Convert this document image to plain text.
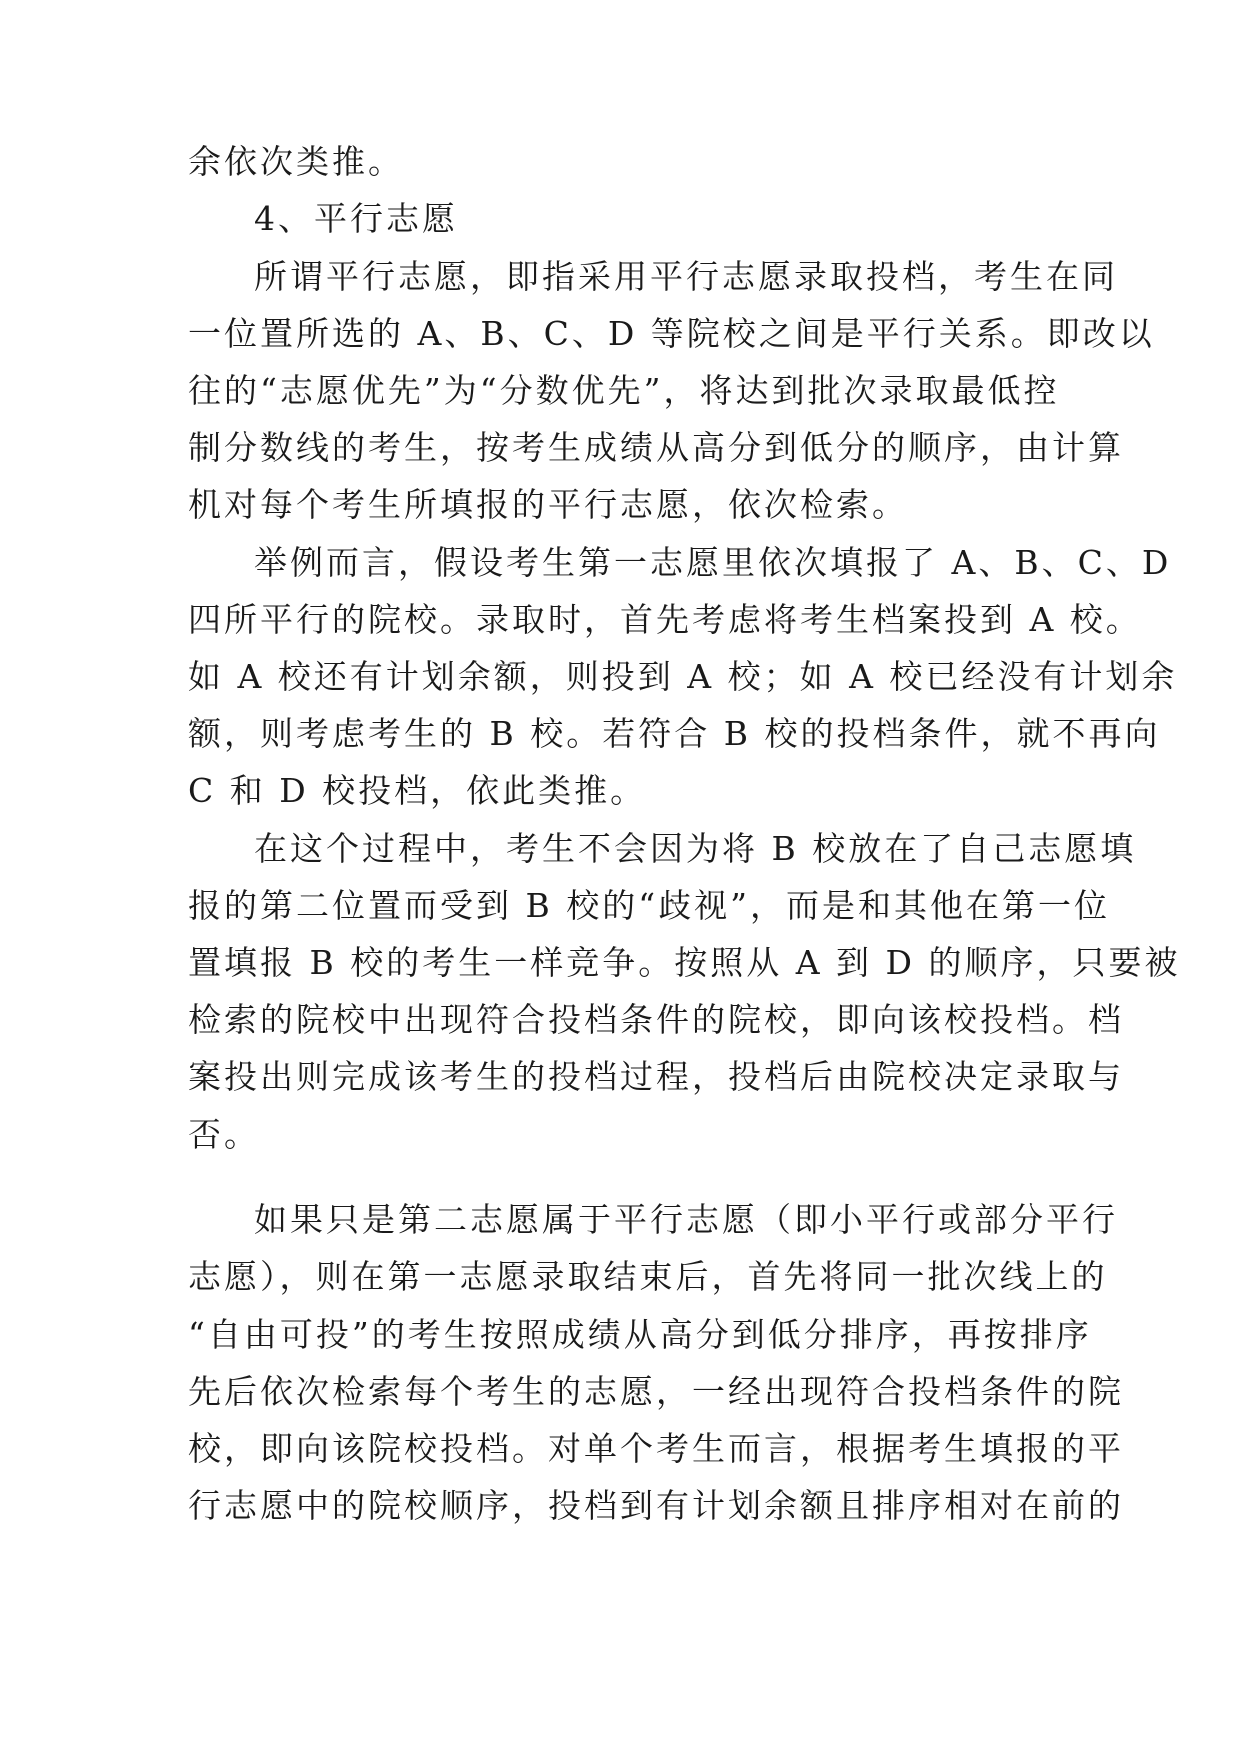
余依次类推。
4、平行志愿
所谓平行志愿，即指采用平行志愿录取投档，考生在同
一位置所选的 A、B、C、D 等院校之间是平行关系。即改以
往的“志愿优先”为“分数优先”，将达到批次录取最低控
制分数线的考生，按考生成绩从高分到低分的顺序，由计算
机对每个考生所填报的平行志愿，依次检索。
举例而言，假设考生第一志愿里依次填报了 A、B、C、D
四所平行的院校。录取时，首先考虑将考生档案投到 A 校。
如 A 校还有计划余额，则投到 A 校；如 A 校已经没有计划余
额，则考虑考生的 B 校。若符合 B 校的投档条件，就不再向
C 和 D 校投档，依此类推。
在这个过程中，考生不会因为将 B 校放在了自己志愿填
报的第二位置而受到 B 校的“歧视”，而是和其他在第一位
置填报 B 校的考生一样竞争。按照从 A 到 D 的顺序，只要被
检索的院校中出现符合投档条件的院校，即向该校投档。档
案投出则完成该考生的投档过程，投档后由院校决定录取与
否。
如果只是第二志愿属于平行志愿（即小平行或部分平行
志愿），则在第一志愿录取结束后，首先将同一批次线上的
“自由可投”的考生按照成绩从高分到低分排序，再按排序
先后依次检索每个考生的志愿，一经出现符合投档条件的院
校，即向该院校投档。对单个考生而言，根据考生填报的平
行志愿中的院校顺序，投档到有计划余额且排序相对在前的
